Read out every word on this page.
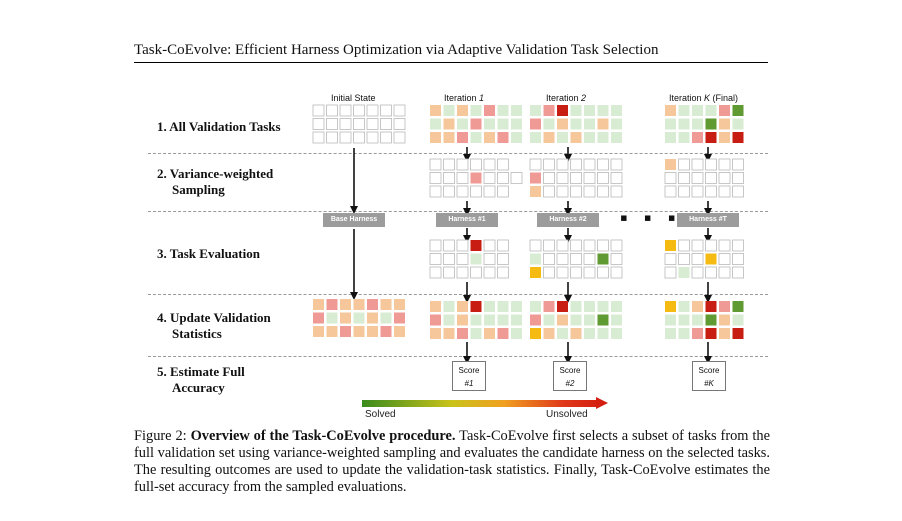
Task-CoEvolve: Efficient Harness Optimization via Adaptive Validation Task Selection
Initial State	Iteration 1	Iteration 2	Iteration K (Final)
1. All Validation Tasks
2. Variance-weighted
Sampling
3. Task Evaluation
4. Update Validation
Statistics
5. Estimate Full
Accuracy
Base Harness	Harness #1	Harness #2	Harness #T
▪ ▪ ▪
Score
#1
Score
#2
Score
#K
Solved	Unsolved
Figure 2: Overview of the Task-CoEvolve procedure. Task-CoEvolve first selects a subset of tasks from the full validation set using variance-weighted sampling and evaluates the candidate harness on the selected tasks. The resulting outcomes are used to update the validation-task statistics. Finally, Task-CoEvolve estimates the full-set accuracy from the sampled evaluations.
